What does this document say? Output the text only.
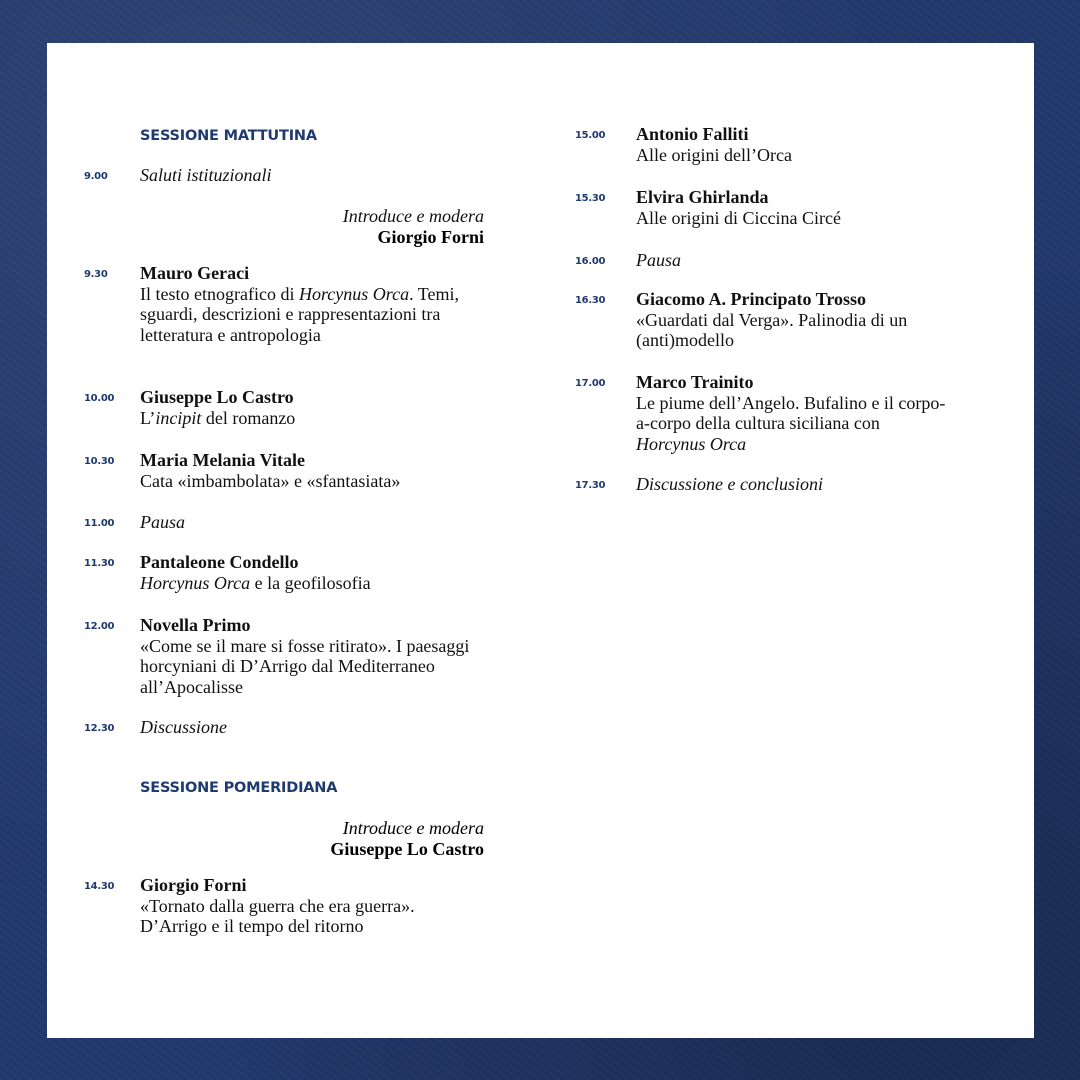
SESSIONE MATTUTINA
9.00	Saluti istituzionali
Introduce e modera
Giorgio Forni
9.30	Mauro Geraci
Il testo etnografico di Horcynus Orca. Temi, sguardi, descrizioni e rappresentazioni tra letteratura e antropologia
10.00	Giuseppe Lo Castro
L’incipit del romanzo
10.30	Maria Melania Vitale
Cata «imbambolata» e «sfantasiata»
11.00	Pausa
11.30	Pantaleone Condello
Horcynus Orca e la geofilosofia
12.00	Novella Primo
«Come se il mare si fosse ritirato». I paesaggi horcyniani di D’Arrigo dal Mediterraneo all’Apocalisse
12.30	Discussione
SESSIONE POMERIDIANA
Introduce e modera
Giuseppe Lo Castro
14.30	Giorgio Forni
«Tornato dalla guerra che era guerra». D’Arrigo e il tempo del ritorno
15.00	Antonio Falliti
Alle origini dell’Orca
15.30	Elvira Ghirlanda
Alle origini di Ciccina Circé
16.00	Pausa
16.30	Giacomo A. Principato Trosso
«Guardati dal Verga». Palinodia di un (anti)modello
17.00	Marco Trainito
Le piume dell’Angelo. Bufalino e il corpo-a-corpo della cultura siciliana con Horcynus Orca
17.30	Discussione e conclusioni
